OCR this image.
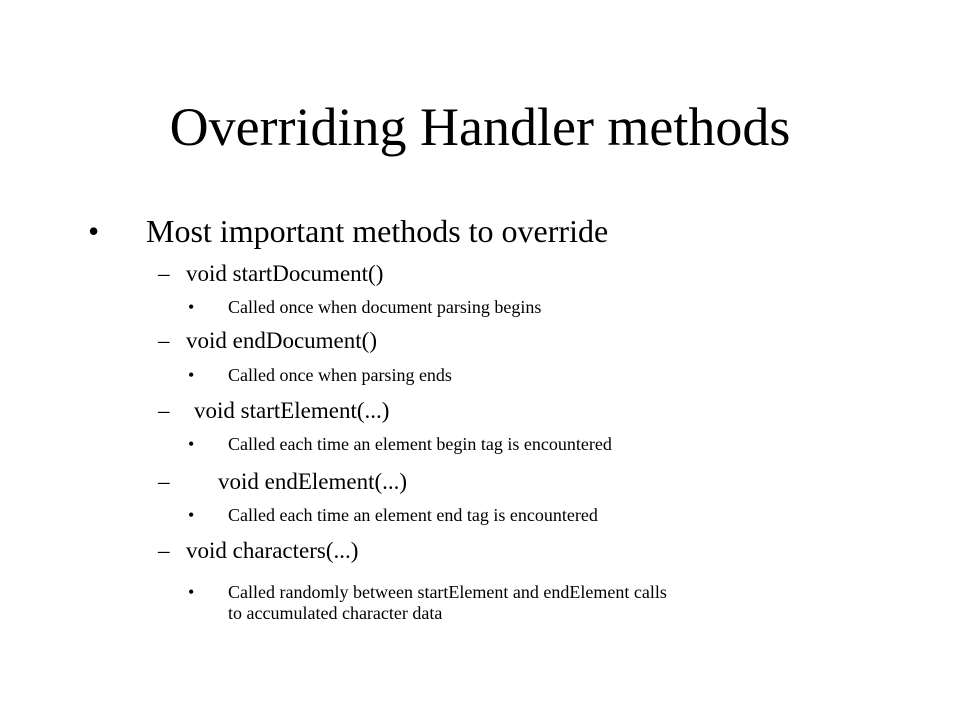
Overriding Handler methods
• Most important methods to override
– void startDocument()
• Called once when document parsing begins
– void endDocument()
• Called once when parsing ends
– void startElement(...)
• Called each time an element begin tag is encountered
– void endElement(...)
• Called each time an element end tag is encountered
– void characters(...)
• Called randomly between startElement and endElement calls
to accumulated character data
